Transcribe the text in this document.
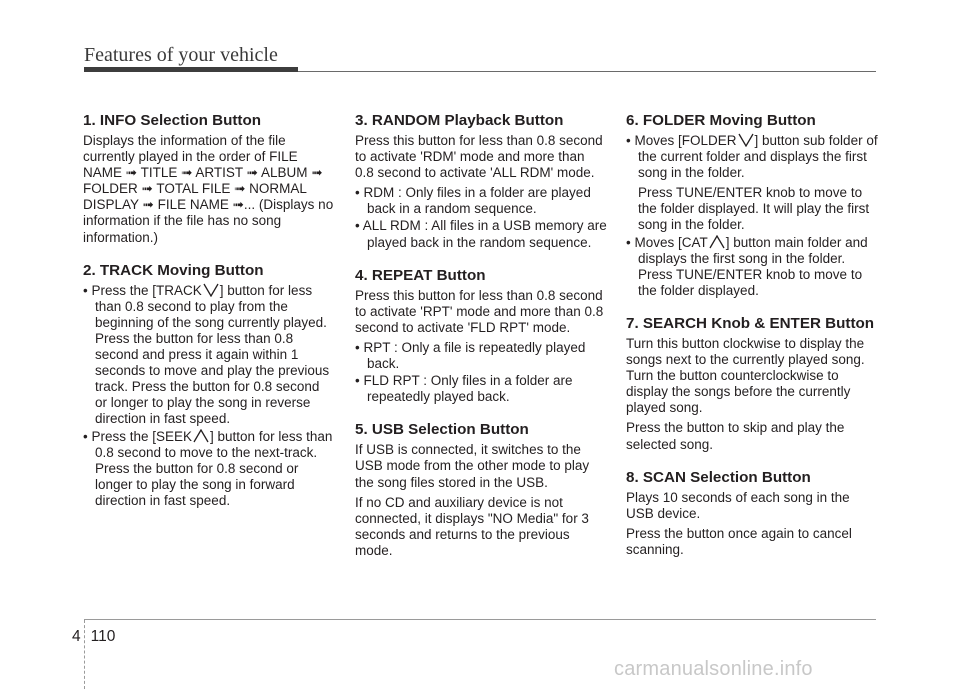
Features of your vehicle
1. INFO Selection Button

Displays the information of the file currently played in the order of FILE NAME ➟ TITLE ➟ ARTIST ➟ ALBUM ➟ FOLDER ➟ TOTAL FILE ➟ NORMAL DISPLAY ➟ FILE NAME ➟... (Displays no information if the file has no song information.)

2. TRACK Moving Button
• Press the [TRACK ] button for less than 0.8 second to play from the beginning of the song currently played. Press the button for less than 0.8 second and press it again within 1 seconds to move and play the previous track. Press the button for 0.8 second or longer to play the song in reverse direction in fast speed.
• Press the [SEEK ] button for less than 0.8 second to move to the next-track. Press the button for 0.8 second or longer to play the song in forward direction in fast speed.
3. RANDOM Playback Button

Press this button for less than 0.8 second to activate 'RDM' mode and more than 0.8 second to activate 'ALL RDM' mode.

• RDM : Only files in a folder are played back in a random sequence.
• ALL RDM : All files in a USB memory are played back in the random sequence.
4. REPEAT Button

Press this button for less than 0.8 second to activate 'RPT' mode and more than 0.8 second to activate 'FLD RPT' mode.

• RPT : Only a file is repeatedly played back.
• FLD RPT : Only files in a folder are repeatedly played back.
5. USB Selection Button

If USB is connected, it switches to the USB mode from the other mode to play the song files stored in the USB.

If no CD and auxiliary device is not connected, it displays "NO Media" for 3 seconds and returns to the previous mode.

6. FOLDER Moving Button
• Moves [FOLDER ] button sub folder of the current folder and displays the first song in the folder.
Press TUNE/ENTER knob to move to the folder displayed. It will play the first song in the folder.
• Moves [CAT ] button main folder and displays the first song in the folder. Press TUNE/ENTER knob to move to the folder displayed.
7. SEARCH Knob & ENTER Button

Turn this button clockwise to display the songs next to the currently played song. Turn the button counterclockwise to display the songs before the currently played song.

Press the button to skip and play the selected song.

8. SCAN Selection Button

Plays 10 seconds of each song in the USB device.

Press the button once again to cancel scanning.

4 110
carmanualsonline.info
